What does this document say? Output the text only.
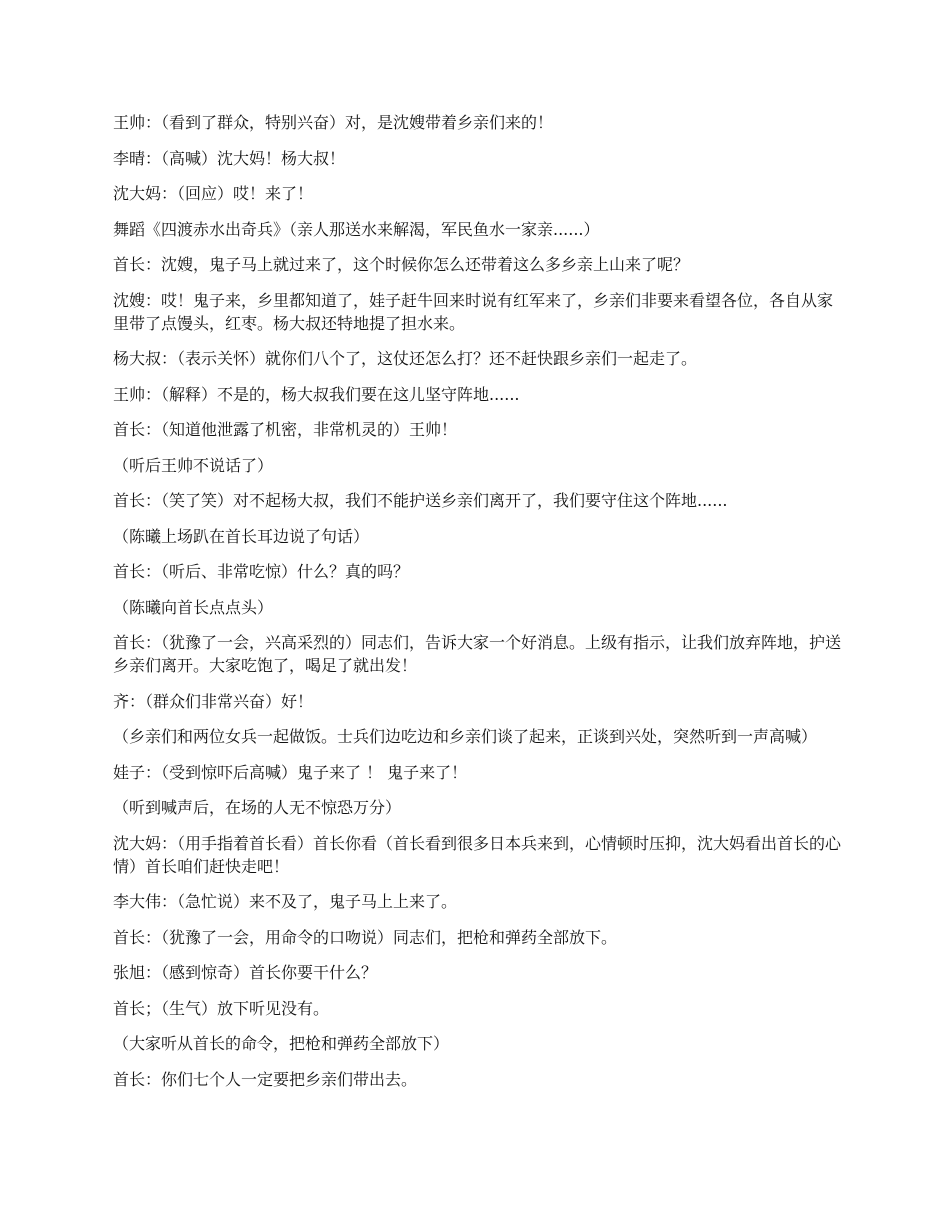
王帅：（看到了群众，特别兴奋）对，是沈嫂带着乡亲们来的！

李晴：（高喊）沈大妈！杨大叔！

沈大妈：（回应）哎！来了！

舞蹈《四渡赤水出奇兵》（亲人那送水来解渴，军民鱼水一家亲......）

首长：沈嫂，鬼子马上就过来了，这个时候你怎么还带着这么多乡亲上山来了呢？

沈嫂：哎！鬼子来，乡里都知道了，娃子赶牛回来时说有红军来了，乡亲们非要来看望各位，各自从家里带了点馒头，红枣。杨大叔还特地提了担水来。

杨大叔：（表示关怀）就你们八个了，这仗还怎么打？还不赶快跟乡亲们一起走了。

王帅：（解释）不是的，杨大叔我们要在这儿坚守阵地......

首长：（知道他泄露了机密，非常机灵的）王帅！

（听后王帅不说话了）

首长：（笑了笑）对不起杨大叔，我们不能护送乡亲们离开了，我们要守住这个阵地......

（陈曦上场趴在首长耳边说了句话）

首长：（听后、非常吃惊）什么？真的吗？

（陈曦向首长点点头）

首长：（犹豫了一会，兴高采烈的）同志们，告诉大家一个好消息。上级有指示，让我们放弃阵地，护送乡亲们离开。大家吃饱了，喝足了就出发！

齐：（群众们非常兴奋）好！

（乡亲们和两位女兵一起做饭。士兵们边吃边和乡亲们谈了起来，正谈到兴处，突然听到一声高喊）

娃子：（受到惊吓后高喊）鬼子来了 ！ 鬼子来了！

（听到喊声后，在场的人无不惊恐万分）

沈大妈：（用手指着首长看）首长你看（首长看到很多日本兵来到，心情顿时压抑，沈大妈看出首长的心情）首长咱们赶快走吧！

李大伟：（急忙说）来不及了，鬼子马上上来了。

首长：（犹豫了一会，用命令的口吻说）同志们，把枪和弹药全部放下。

张旭：（感到惊奇）首长你要干什么？

首长；（生气）放下听见没有。

（大家听从首长的命令，把枪和弹药全部放下）

首长：你们七个人一定要把乡亲们带出去。
